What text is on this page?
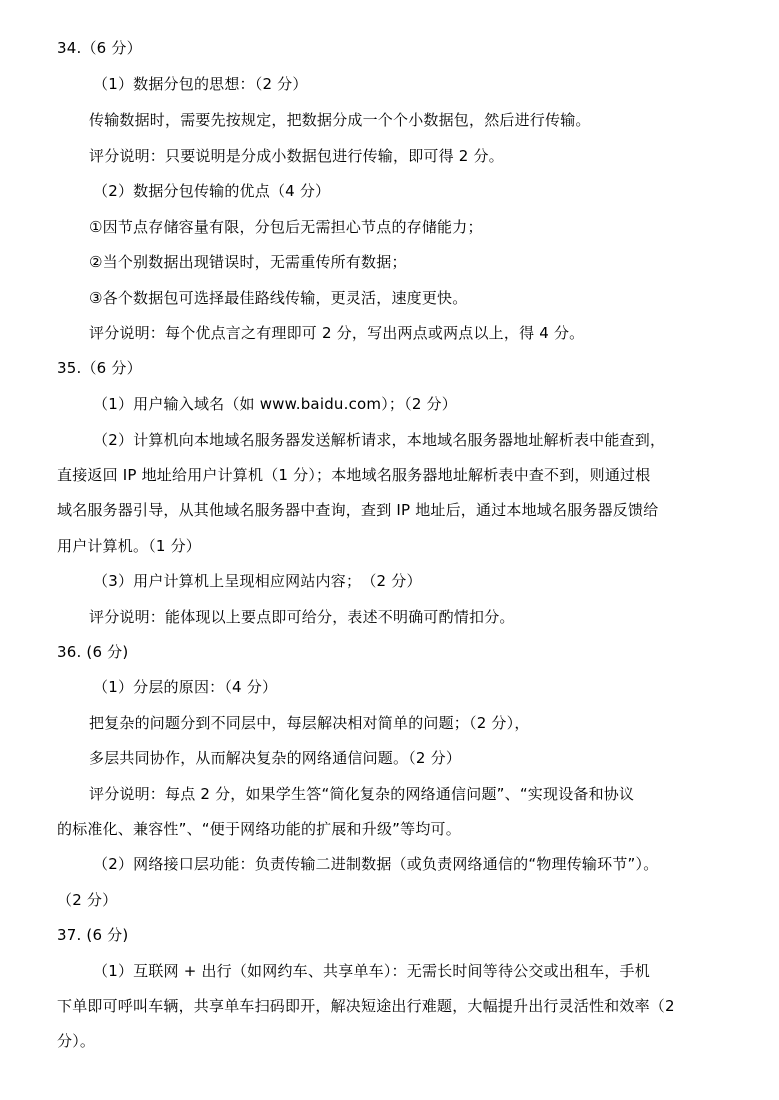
34.（6 分）
（1）数据分包的思想：（2 分）
传输数据时，需要先按规定，把数据分成一个个小数据包，然后进行传输。
评分说明：只要说明是分成小数据包进行传输，即可得 2 分。
（2）数据分包传输的优点（4 分）
①因节点存储容量有限，分包后无需担心节点的存储能力；
②当个别数据出现错误时，无需重传所有数据；
③各个数据包可选择最佳路线传输，更灵活，速度更快。
评分说明：每个优点言之有理即可 2 分，写出两点或两点以上，得 4 分。
35.（6 分）
（1）用户输入域名（如 www.baidu.com）；（2 分）
（2）计算机向本地域名服务器发送解析请求，本地域名服务器地址解析表中能查到，
直接返回 IP 地址给用户计算机（1 分）；本地域名服务器地址解析表中查不到，则通过根
域名服务器引导，从其他域名服务器中查询，查到 IP 地址后，通过本地域名服务器反馈给
用户计算机。（1 分）
（3）用户计算机上呈现相应网站内容；　（2 分）
评分说明：能体现以上要点即可给分，表述不明确可酌情扣分。
36. (6 分)
（1）分层的原因：（4 分）
把复杂的问题分到不同层中，每层解决相对简单的问题；（2 分），
多层共同协作，从而解决复杂的网络通信问题。（2 分）
评分说明：每点 2 分，如果学生答“简化复杂的网络通信问题”、“实现设备和协议
的标准化、兼容性”、“便于网络功能的扩展和升级”等均可。
（2）网络接口层功能：负责传输二进制数据（或负责网络通信的“物理传输环节”）。
（2 分）
37. (6 分)
（1）互联网 + 出行（如网约车、共享单车）：无需长时间等待公交或出租车，手机
下单即可呼叫车辆，共享单车扫码即开，解决短途出行难题，大幅提升出行灵活性和效率（2
分）。
